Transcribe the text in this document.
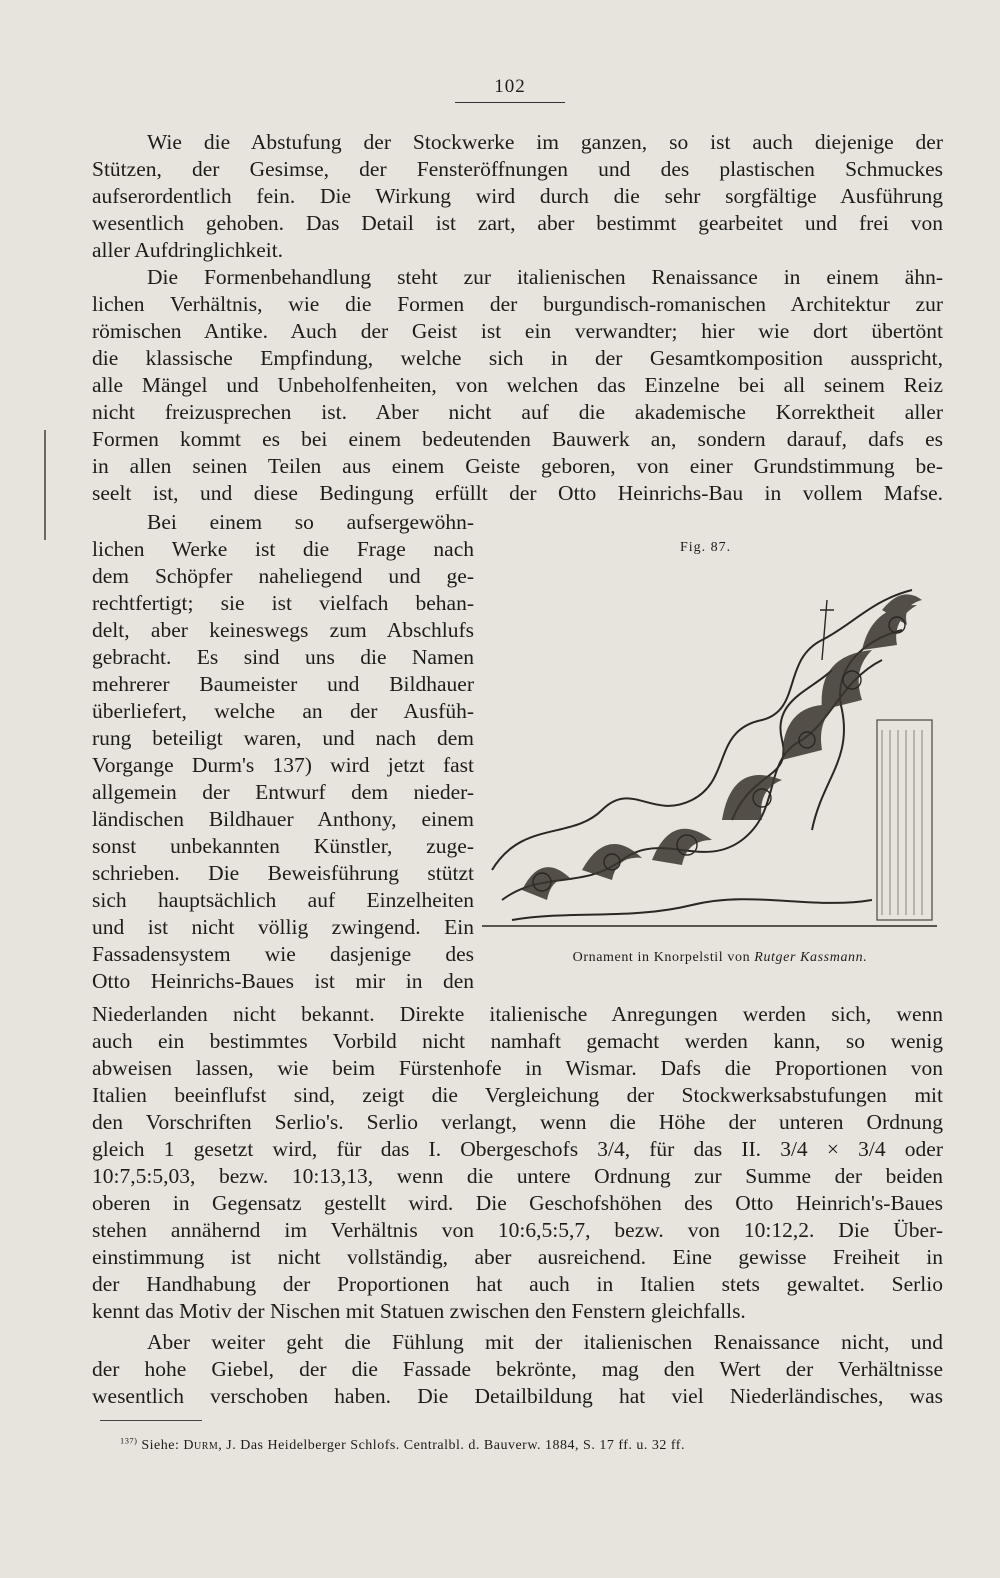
102
Wie die Abstufung der Stockwerke im ganzen, so ist auch diejenige der
Stützen, der Gesimse, der Fensteröffnungen und des plastischen Schmuckes
aufserordentlich fein. Die Wirkung wird durch die sehr sorgfältige Ausführung
wesentlich gehoben. Das Detail ist zart, aber bestimmt gearbeitet und frei von
aller Aufdringlichkeit.
Die Formenbehandlung steht zur italienischen Renaissance in einem ähn-
lichen Verhältnis, wie die Formen der burgundisch-romanischen Architektur zur
römischen Antike. Auch der Geist ist ein verwandter; hier wie dort übertönt
die klassische Empfindung, welche sich in der Gesamtkomposition ausspricht,
alle Mängel und Unbeholfenheiten, von welchen das Einzelne bei all seinem Reiz
nicht freizusprechen ist. Aber nicht auf die akademische Korrektheit aller
Formen kommt es bei einem bedeutenden Bauwerk an, sondern darauf, dafs es
in allen seinen Teilen aus einem Geiste geboren, von einer Grundstimmung be-
seelt ist, und diese Bedingung erfüllt der Otto Heinrichs-Bau in vollem Mafse.
Bei einem so aufsergewöhn-
lichen Werke ist die Frage nach
dem Schöpfer naheliegend und ge-
rechtfertigt; sie ist vielfach behan-
delt, aber keineswegs zum Abschlufs
gebracht. Es sind uns die Namen
mehrerer Baumeister und Bildhauer
überliefert, welche an der Ausfüh-
rung beteiligt waren, und nach dem
Vorgange Durm's 137) wird jetzt fast
allgemein der Entwurf dem nieder-
ländischen Bildhauer Anthony, einem
sonst unbekannten Künstler, zuge-
schrieben. Die Beweisführung stützt
sich hauptsächlich auf Einzelheiten
und ist nicht völlig zwingend. Ein
Fassadensystem wie dasjenige des
Otto Heinrichs-Baues ist mir in den
Fig. 87.
Ornament in Knorpelstil von Rutger Kassmann.
Niederlanden nicht bekannt. Direkte italienische Anregungen werden sich, wenn
auch ein bestimmtes Vorbild nicht namhaft gemacht werden kann, so wenig
abweisen lassen, wie beim Fürstenhofe in Wismar. Dafs die Proportionen von
Italien beeinflufst sind, zeigt die Vergleichung der Stockwerksabstufungen mit
den Vorschriften Serlio's. Serlio verlangt, wenn die Höhe der unteren Ordnung
gleich 1 gesetzt wird, für das I. Obergeschofs 3/4, für das II. 3/4 × 3/4 oder
10:7,5:5,03, bezw. 10:13,13, wenn die untere Ordnung zur Summe der beiden
oberen in Gegensatz gestellt wird. Die Geschofshöhen des Otto Heinrich's-Baues
stehen annähernd im Verhältnis von 10:6,5:5,7, bezw. von 10:12,2. Die Über-
einstimmung ist nicht vollständig, aber ausreichend. Eine gewisse Freiheit in
der Handhabung der Proportionen hat auch in Italien stets gewaltet. Serlio
kennt das Motiv der Nischen mit Statuen zwischen den Fenstern gleichfalls.
Aber weiter geht die Fühlung mit der italienischen Renaissance nicht, und
der hohe Giebel, der die Fassade bekrönte, mag den Wert der Verhältnisse
wesentlich verschoben haben. Die Detailbildung hat viel Niederländisches, was
$^{137)}$ Siehe: Durm, J. Das Heidelberger Schlofs. Centralbl. d. Bauverw. 1884, S. 17 ff. u. 32 ff.
